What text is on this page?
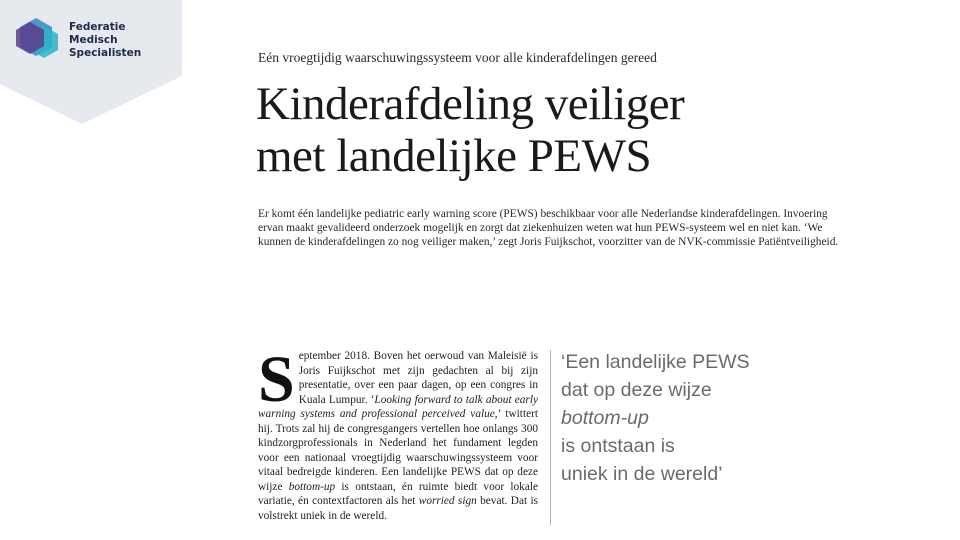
Federatie
Medisch
Specialisten	Eén vroegtijdig waarschuwingssysteem voor alle kinderafdelingen gereed
Kinderafdeling veiliger
met landelijke PEWS

Er komt één landelijke pediatric early warning score (PEWS) beschikbaar voor alle Nederlandse kinderafdelingen. Invoering ervan maakt gevalideerd onderzoek mogelijk en zorgt dat ziekenhuizen weten wat hun PEWS-systeem wel en niet kan. ‘We kunnen de kinderafdelingen zo nog veiliger maken,’ zegt Joris Fuijkschot, voorzitter van de NVK-commissie Patiëntveiligheid.

September 2018. Boven het oerwoud van Maleisië is Joris Fuijkschot met zijn gedachten al bij zijn presentatie, over een paar dagen, op een congres in Kuala Lumpur. ‘Looking forward to talk about early warning systems and professional perceived value,’ twittert hij. Trots zal hij de congresgangers vertellen hoe onlangs 300 kindzorgprofessionals in Nederland het fundament legden voor een nationaal vroegtijdig waarschuwingssysteem voor vitaal bedreigde kinderen. Een landelijke PEWS dat op deze wijze bottom-up is ontstaan, én ruimte biedt voor lokale variatie, én contextfactoren als het worried sign bevat. Dat is volstrekt uniek in de wereld.
‘Een landelijke PEWS
dat op deze wijze
bottom-up
is ontstaan is
uniek in de wereld’
